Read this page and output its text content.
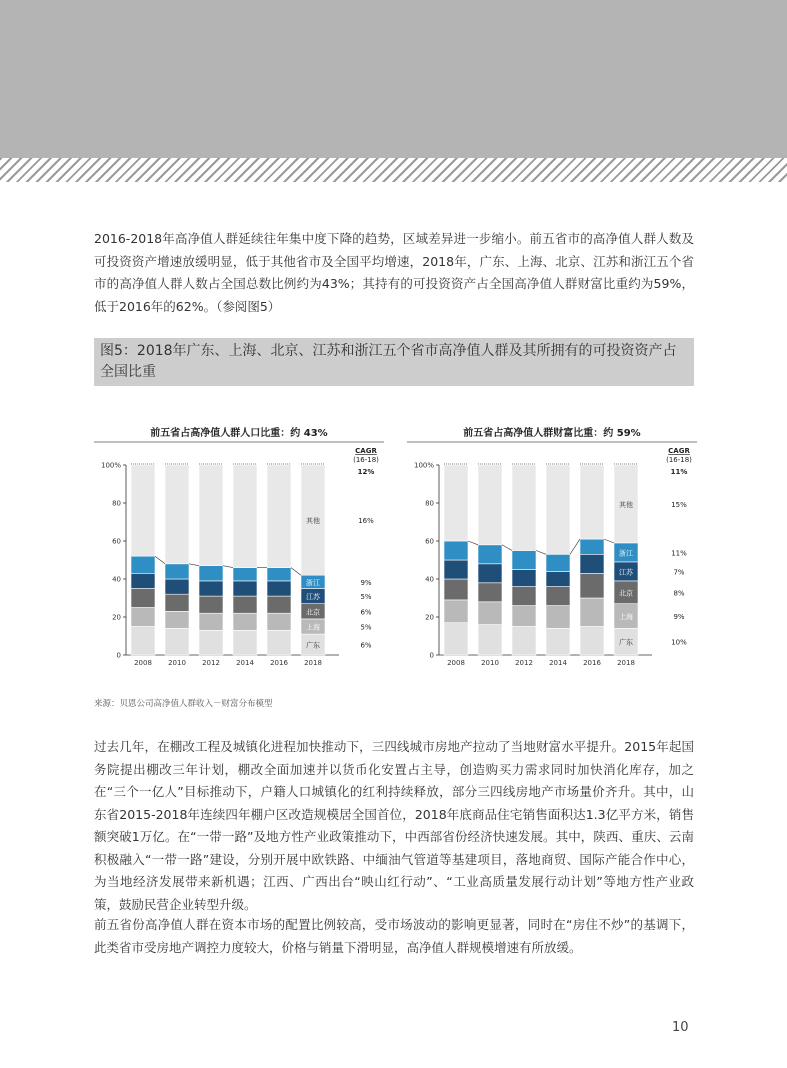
2016-2018年高净值人群延续往年集中度下降的趋势，区域差异进一步缩小。前五省市的高净值人群人数及可投资资产增速放缓明显，低于其他省市及全国平均增速，2018年，广东、上海、北京、江苏和浙江五个省市的高净值人群人数占全国总数比例约为43%；其持有的可投资资产占全国高净值人群财富比重约为59%，低于2016年的62%。（参阅图5）

图5：2018年广东、上海、北京、江苏和浙江五个省市高净值人群及其所拥有的可投资资产占全国比重
前五省占高净值人群人口比重：约 43%
CAGR
(16-18)
12%
0
20
40
60
80
100%
2008 2010 2012 2014 2016 2018
广东	6%
上海	5%
北京	6%
江苏	5%
浙江	9%
其他	16%
前五省占高净值人群财富比重：约 59%
CAGR
(16-18)
11%
0
20
40
60
80
100%
2008 2010 2012 2014 2016 2018
广东	10%
上海	9%
北京	8%
江苏	7%
浙江	11%
其他	15%
来源：贝恩公司高净值人群收入－财富分布模型

过去几年，在棚改工程及城镇化进程加快推动下，三四线城市房地产拉动了当地财富水平提升。2015年起国务院提出棚改三年计划，棚改全面加速并以货币化安置占主导，创造购买力需求同时加快消化库存，加之在“三个一亿人”目标推动下，户籍人口城镇化的红利持续释放，部分三四线房地产市场量价齐升。其中，山东省2015-2018年连续四年棚户区改造规模居全国首位，2018年底商品住宅销售面积达1.3亿平方米，销售额突破1万亿。在“一带一路”及地方性产业政策推动下，中西部省份经济快速发展。其中，陕西、重庆、云南积极融入“一带一路”建设，分别开展中欧铁路、中缅油气管道等基建项目，落地商贸、国际产能合作中心，为当地经济发展带来新机遇；江西、广西出台“映山红行动”、“工业高质量发展行动计划”等地方性产业政策，鼓励民营企业转型升级。

前五省份高净值人群在资本市场的配置比例较高，受市场波动的影响更显著，同时在“房住不炒”的基调下，此类省市受房地产调控力度较大，价格与销量下滑明显，高净值人群规模增速有所放缓。

10
